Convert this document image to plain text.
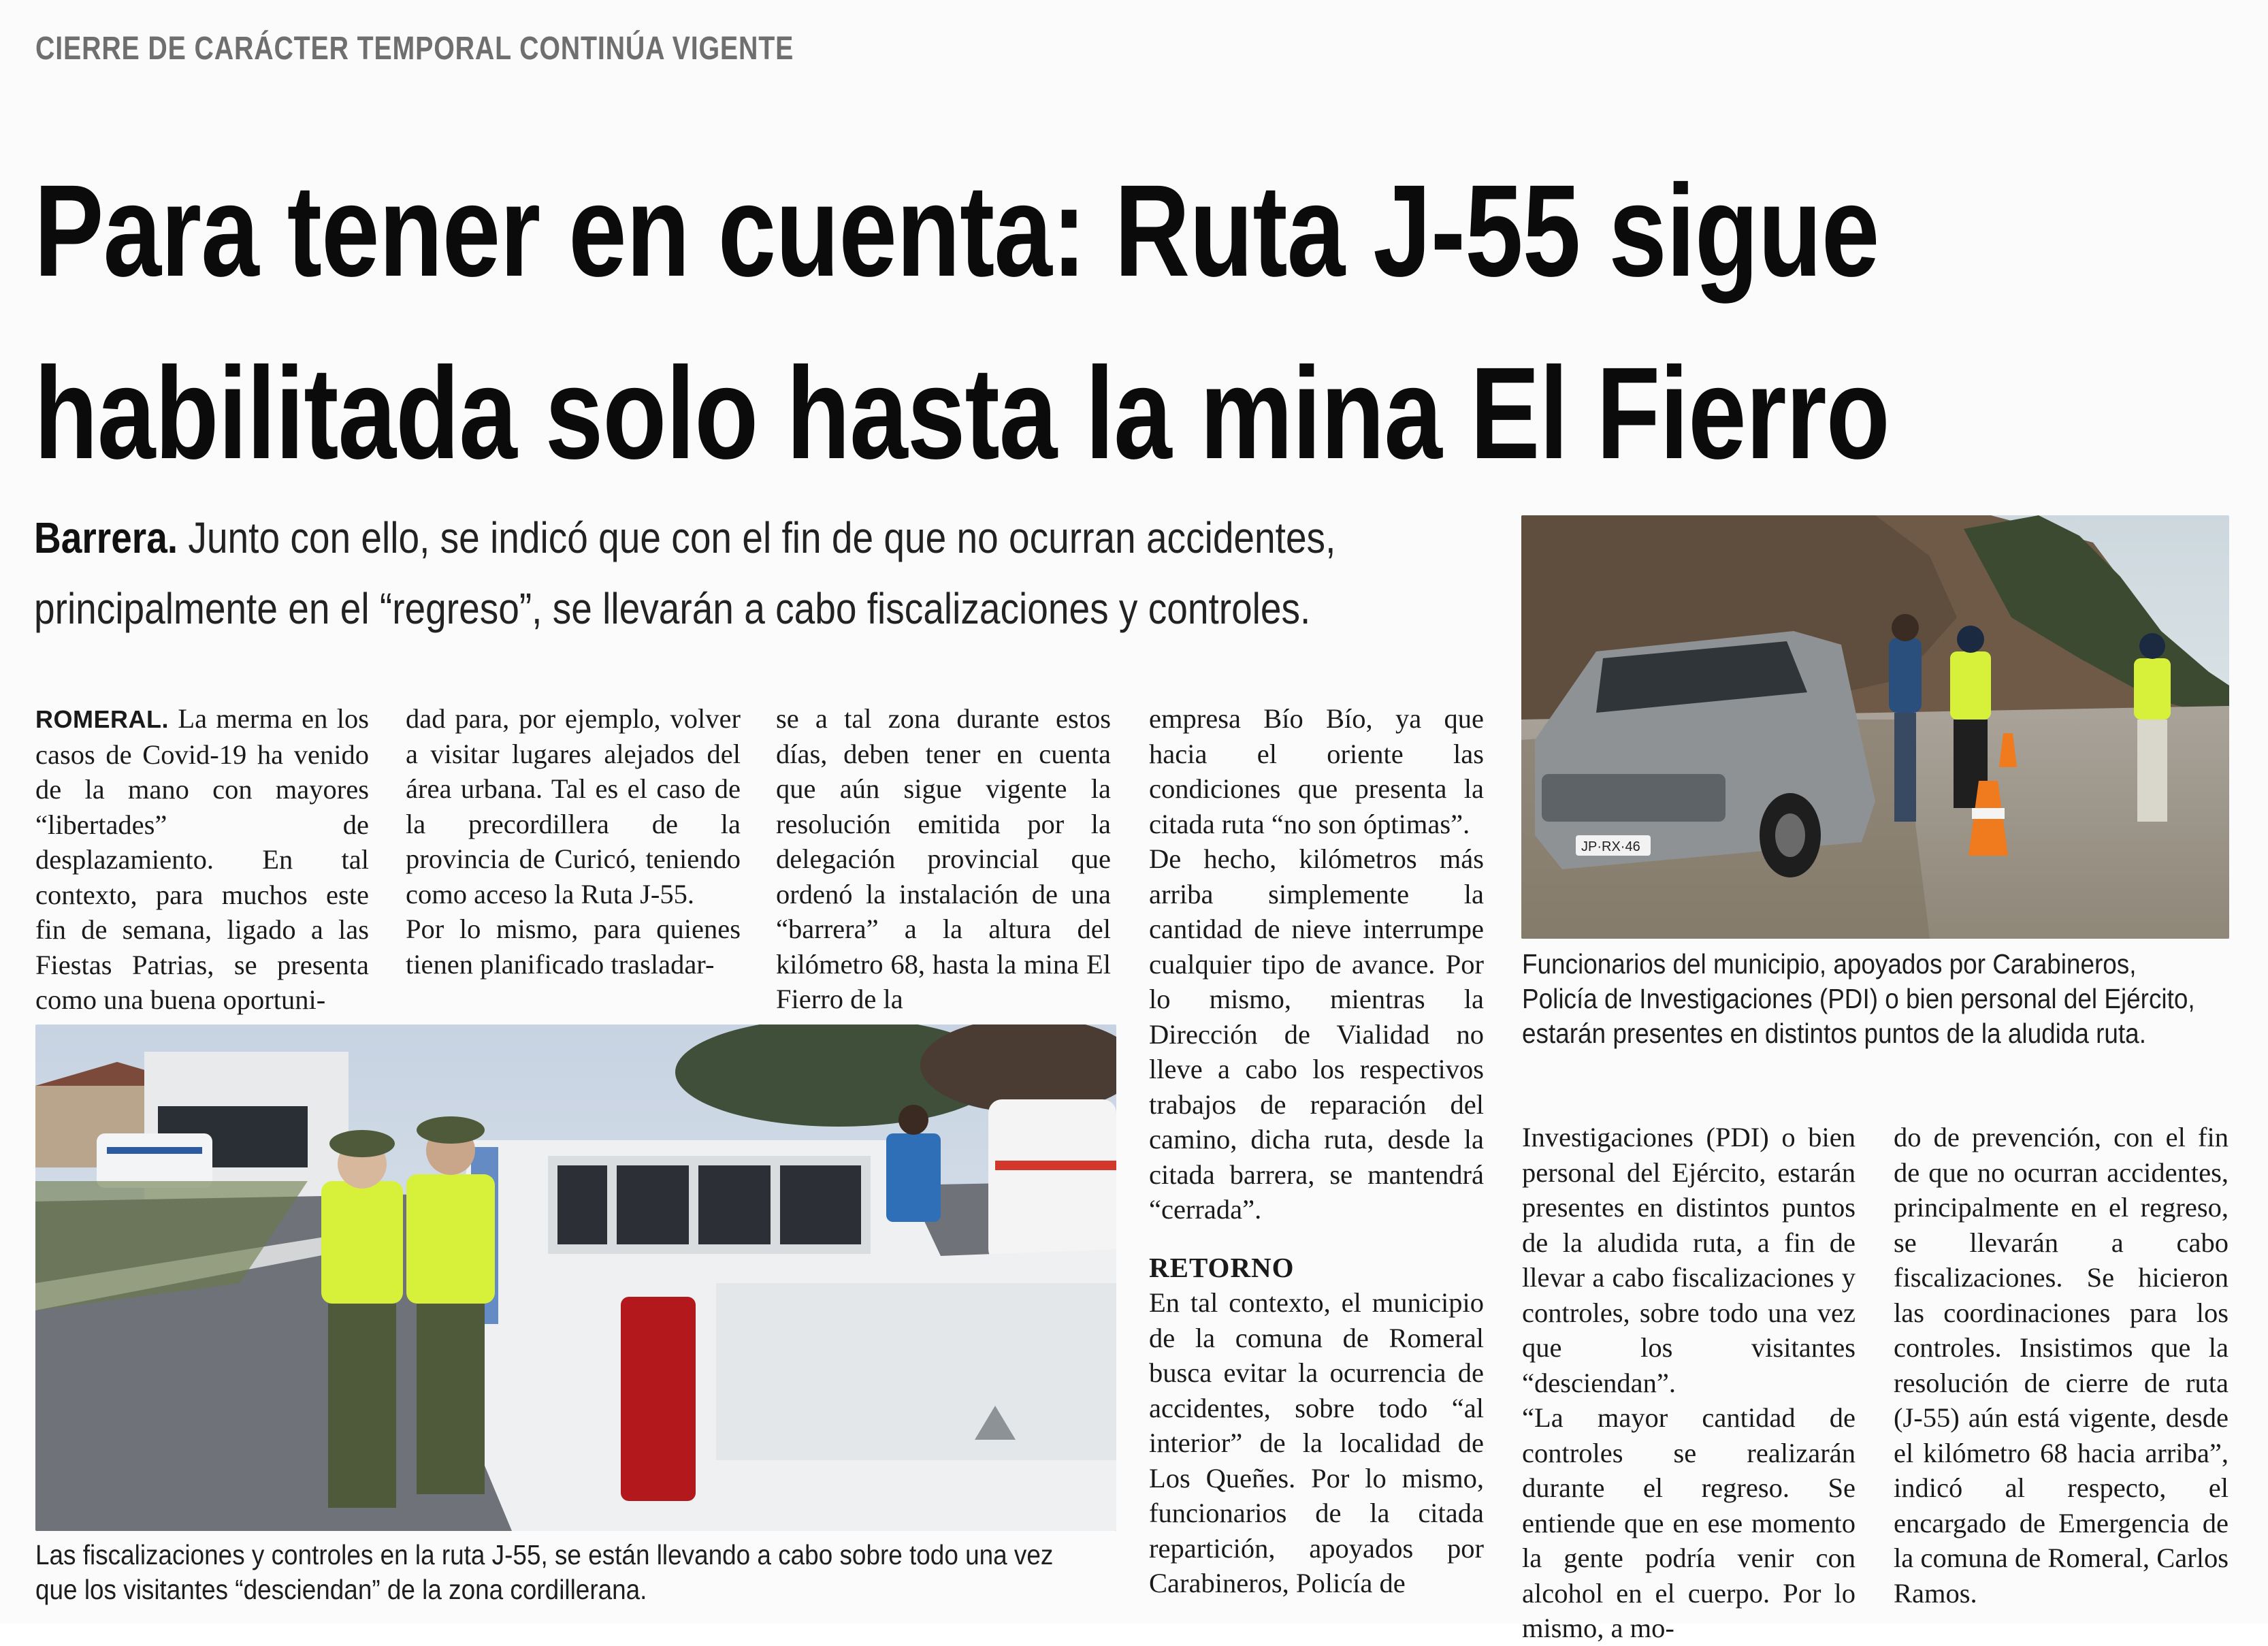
CIERRE DE CARÁCTER TEMPORAL CONTINÚA VIGENTE
Para tener en cuenta: Ruta J-55 sigue
habilitada solo hasta la mina El Fierro
Barrera. Junto con ello, se indicó que con el fin de que no ocurran accidentes, principalmente en el “regreso”, se llevarán a cabo fiscalizaciones y controles.

ROMERAL. La merma en los casos de Covid-19 ha venido de la mano con mayores “libertades” de desplazamiento. En tal contexto, para muchos este fin de semana, ligado a las Fiestas Patrias, se presenta como una buena oportuni-

dad para, por ejemplo, volver a visitar lugares alejados del área urbana. Tal es el caso de la precordillera de la provincia de Curicó, teniendo como acceso la Ruta J-55.

Por lo mismo, para quienes tienen planificado trasladar-

se a tal zona durante estos días, deben tener en cuenta que aún sigue vigente la resolución emitida por la delegación provincial que ordenó la instalación de una “barrera” a la altura del kilómetro 68, hasta la mina El Fierro de la

empresa Bío Bío, ya que hacia el oriente las condiciones que presenta la citada ruta “no son óptimas”.

De hecho, kilómetros más arriba simplemente la cantidad de nieve interrumpe cualquier tipo de avance. Por lo mismo, mientras la Dirección de Vialidad no lleve a cabo los respectivos trabajos de reparación del camino, dicha ruta, desde la citada barrera, se mantendrá “cerrada”.

RETORNO

En tal contexto, el municipio de la comuna de Romeral busca evitar la ocurrencia de accidentes, sobre todo “al interior” de la localidad de Los Queñes. Por lo mismo, funcionarios de la citada repartición, apoyados por Carabineros, Policía de

Investigaciones (PDI) o bien personal del Ejército, estarán presentes en distintos puntos de la aludida ruta, a fin de llevar a cabo fiscalizaciones y controles, sobre todo una vez que los visitantes “desciendan”.

“La mayor cantidad de controles se realizarán durante el regreso. Se entiende que en ese momento la gente podría venir con alcohol en el cuerpo. Por lo mismo, a mo-

do de prevención, con el fin de que no ocurran accidentes, principalmente en el regreso, se llevarán a cabo fiscalizaciones. Se hicieron las coordinaciones para los controles. Insistimos que la resolución de cierre de ruta (J-55) aún está vigente, desde el kilómetro 68 hacia arriba”, indicó al respecto, el encargado de Emergencia de la comuna de Romeral, Carlos Ramos.

JP·RX·46
Funcionarios del municipio, apoyados por Carabineros, Policía de Investigaciones (PDI) o bien personal del Ejército, estarán presentes en distintos puntos de la aludida ruta.
Las fiscalizaciones y controles en la ruta J-55, se están llevando a cabo sobre todo una vez que los visitantes “desciendan” de la zona cordillerana.
